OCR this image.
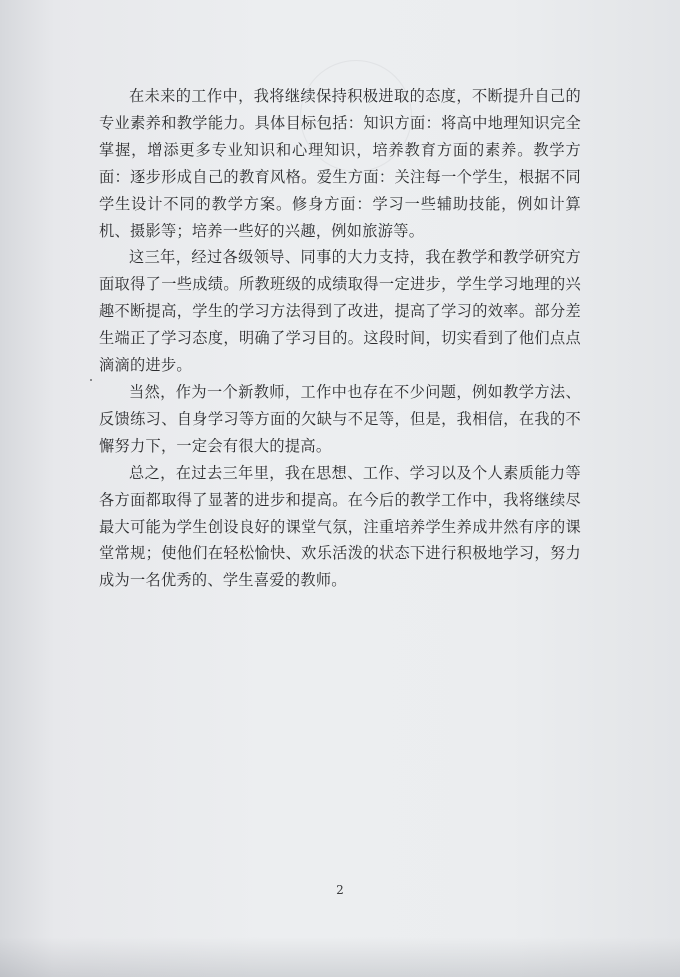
在未来的工作中，我将继续保持积极进取的态度，不断提升自己的专业素养和教学能力。具体目标包括：知识方面：将高中地理知识完全掌握，增添更多专业知识和心理知识，培养教育方面的素养。教学方面：逐步形成自己的教育风格。爱生方面：关注每一个学生，根据不同学生设计不同的教学方案。修身方面：学习一些辅助技能，例如计算机、摄影等；培养一些好的兴趣，例如旅游等。

这三年，经过各级领导、同事的大力支持，我在教学和教学研究方面取得了一些成绩。所教班级的成绩取得一定进步，学生学习地理的兴趣不断提高，学生的学习方法得到了改进，提高了学习的效率。部分差生端正了学习态度，明确了学习目的。这段时间，切实看到了他们点点滴滴的进步。

当然，作为一个新教师，工作中也存在不少问题，例如教学方法、反馈练习、自身学习等方面的欠缺与不足等，但是，我相信，在我的不懈努力下，一定会有很大的提高。

总之，在过去三年里，我在思想、工作、学习以及个人素质能力等各方面都取得了显著的进步和提高。在今后的教学工作中，我将继续尽最大可能为学生创设良好的课堂气氛，注重培养学生养成井然有序的课堂常规；使他们在轻松愉快、欢乐活泼的状态下进行积极地学习，努力成为一名优秀的、学生喜爱的教师。

2
